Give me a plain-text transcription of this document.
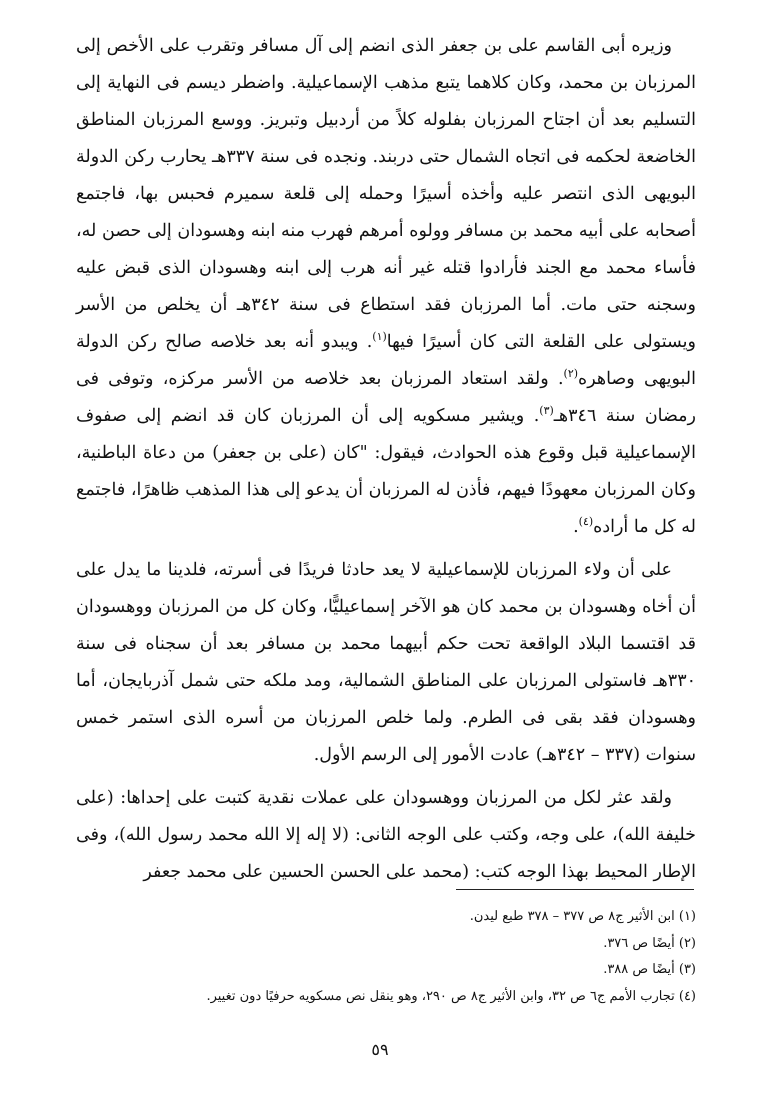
وزيره أبى القاسم على بن جعفر الذى انضم إلى آل مسافر وتقرب على الأخص إلى المرزبان بن محمد، وكان كلاهما يتبع مذهب الإسماعيلية. واضطر ديسم فى النهاية إلى التسليم بعد أن اجتاح المرزبان بفلوله كلاً من أردبيل وتبريز. ووسع المرزبان المناطق الخاضعة لحكمه فى اتجاه الشمال حتى دربند. ونجده فى سنة ٣٣٧هـ يحارب ركن الدولة البويهى الذى انتصر عليه وأخذه أسيرًا وحمله إلى قلعة سميرم فحبس بها، فاجتمع أصحابه على أبيه محمد بن مسافر وولوه أمرهم فهرب منه ابنه وهسودان إلى حصن له، فأساء محمد مع الجند فأرادوا قتله غير أنه هرب إلى ابنه وهسودان الذى قبض عليه وسجنه حتى مات. أما المرزبان فقد استطاع فى سنة ٣٤٢هـ أن يخلص من الأسر ويستولى على القلعة التى كان أسيرًا فيها$^{(١)}$. ويبدو أنه بعد خلاصه صالح ركن الدولة البويهى وصاهره$^{(٢)}$. ولقد استعاد المرزبان بعد خلاصه من الأسر مركزه، وتوفى فى رمضان سنة ٣٤٦هـ$^{(٣)}$. ويشير مسكويه إلى أن المرزبان كان قد انضم إلى صفوف الإسماعيلية قبل وقوع هذه الحوادث، فيقول: "كان (على بن جعفر) من دعاة الباطنية، وكان المرزبان معهودًا فيهم، فأذن له المرزبان أن يدعو إلى هذا المذهب ظاهرًا، فاجتمع له كل ما أراده$^{(٤)}$.

على أن ولاء المرزبان للإسماعيلية لا يعد حادثا فريدًا فى أسرته، فلدينا ما يدل على أن أخاه وهسودان بن محمد كان هو الآخر إسماعيليًّا، وكان كل من المرزبان ووهسودان قد اقتسما البلاد الواقعة تحت حكم أبيهما محمد بن مسافر بعد أن سجناه فى سنة ٣٣٠هـ فاستولى المرزبان على المناطق الشمالية، ومد ملكه حتى شمل آذربايجان، أما وهسودان فقد بقى فى الطرم. ولما خلص المرزبان من أسره الذى استمر خمس سنوات (٣٣٧ – ٣٤٢هـ) عادت الأمور إلى الرسم الأول.

ولقد عثر لكل من المرزبان ووهسودان على عملات نقدية كتبت على إحداها: (على خليفة الله)، على وجه، وكتب على الوجه الثانى: (لا إله إلا الله محمد رسول الله)، وفى الإطار المحيط بهذا الوجه كتب: (محمد على الحسن الحسين على محمد جعفر

(١) ابن الأثير ج٨ ص ٣٧٧ – ٣٧٨ طبع ليدن.

(٢) أيضًا ص ٣٧٦.

(٣) أيضًا ص ٣٨٨.

(٤) تجارب الأمم ج٦ ص ٣٢، وابن الأثير ج٨ ص ٢٩٠، وهو ينقل نص مسكويه حرفيًا دون تغيير.

٥٩
